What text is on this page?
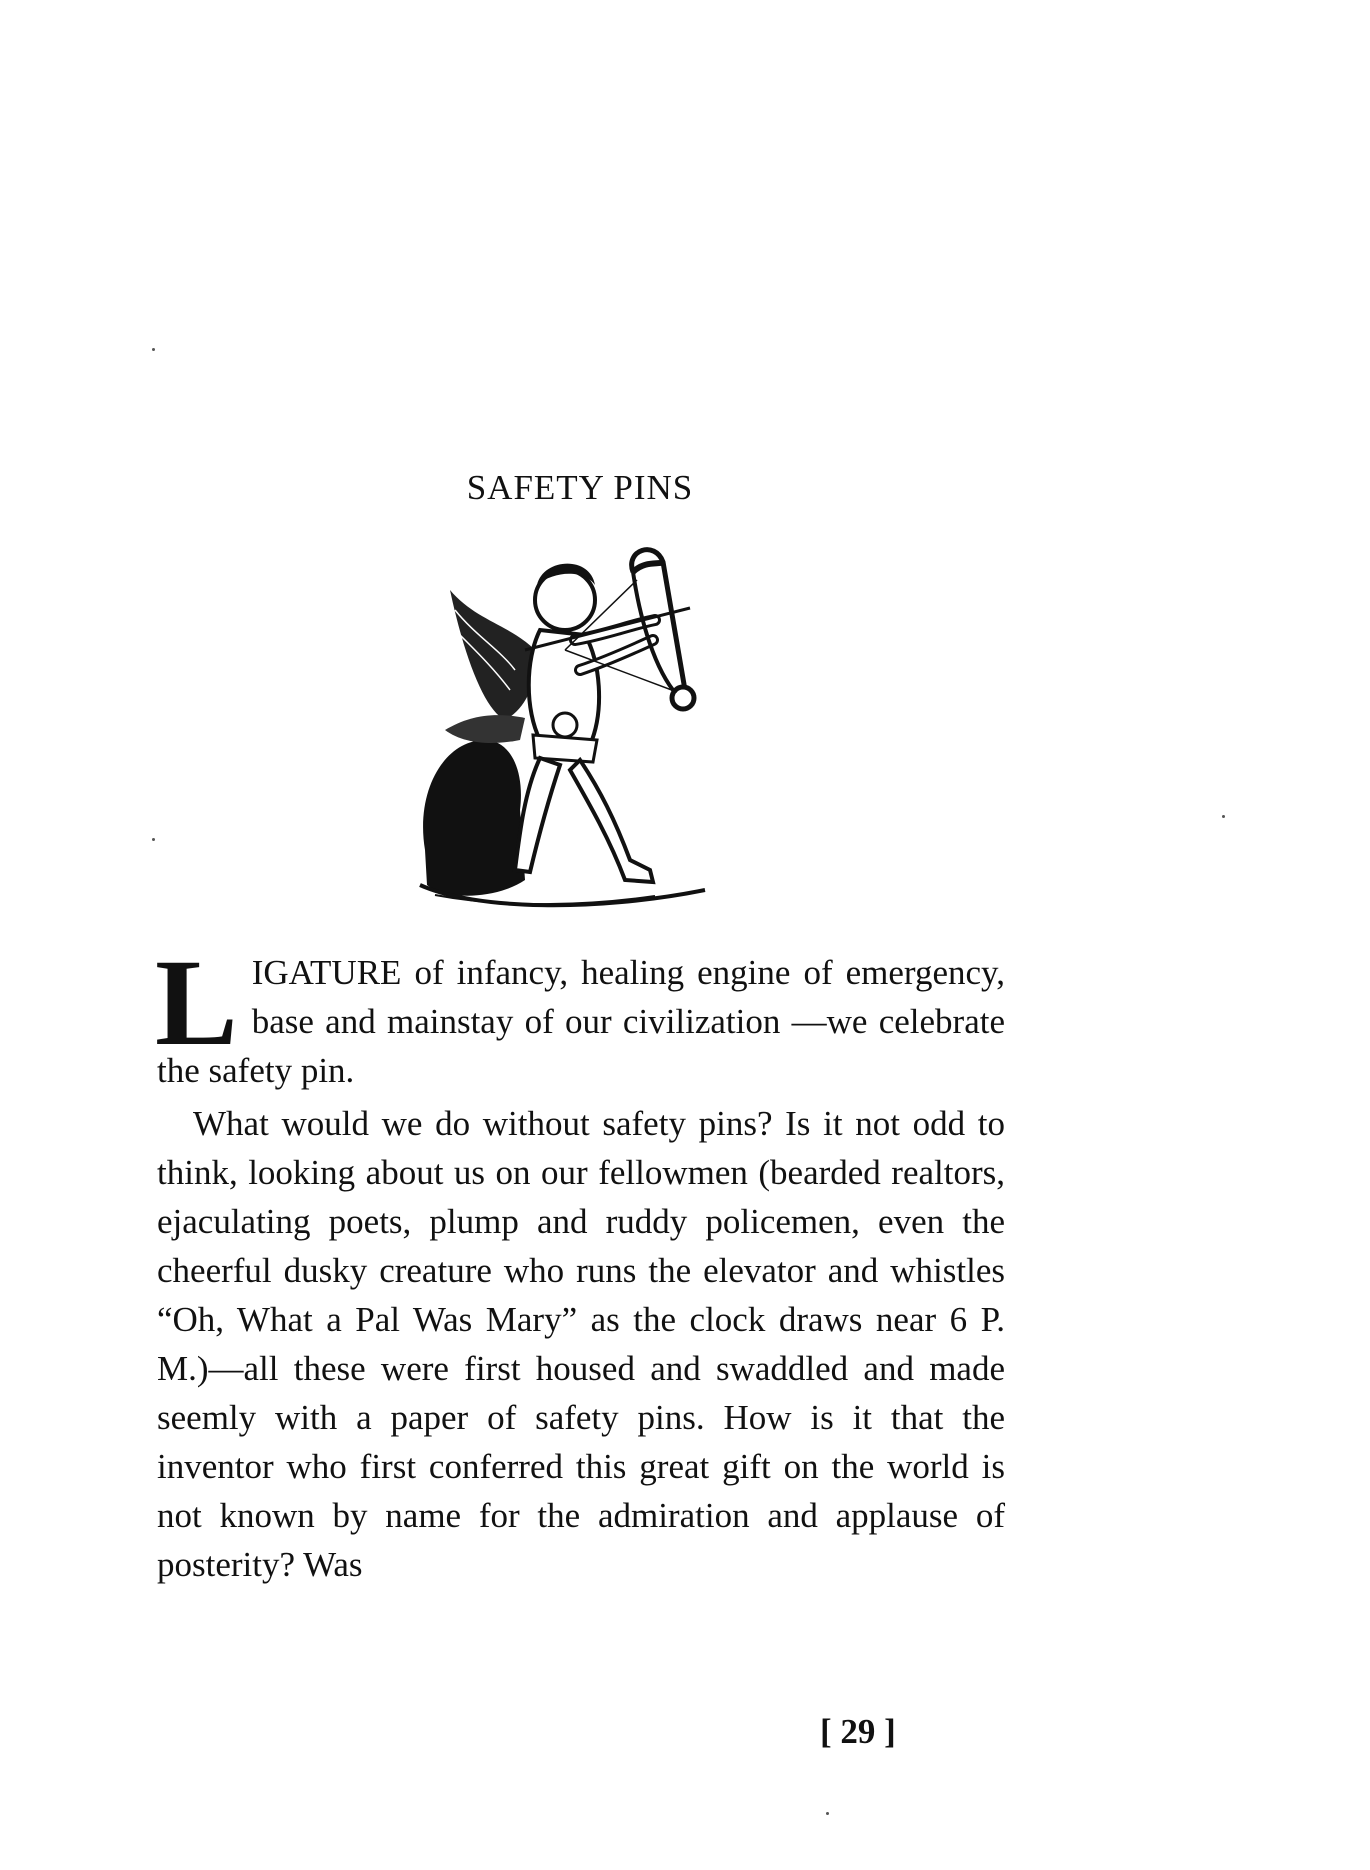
SAFETY PINS

LIGATURE of infancy, healing engine of emergency, base and mainstay of our civilization —we celebrate the safety pin.

What would we do without safety pins? Is it not odd to think, looking about us on our fellowmen (bearded realtors, ejaculating poets, plump and ruddy policemen, even the cheerful dusky creature who runs the elevator and whistles “Oh, What a Pal Was Mary” as the clock draws near 6 P. M.)—all these were first housed and swaddled and made seemly with a paper of safety pins. How is it that the inventor who first conferred this great gift on the world is not known by name for the admiration and applause of posterity? Was

[ 29 ]
